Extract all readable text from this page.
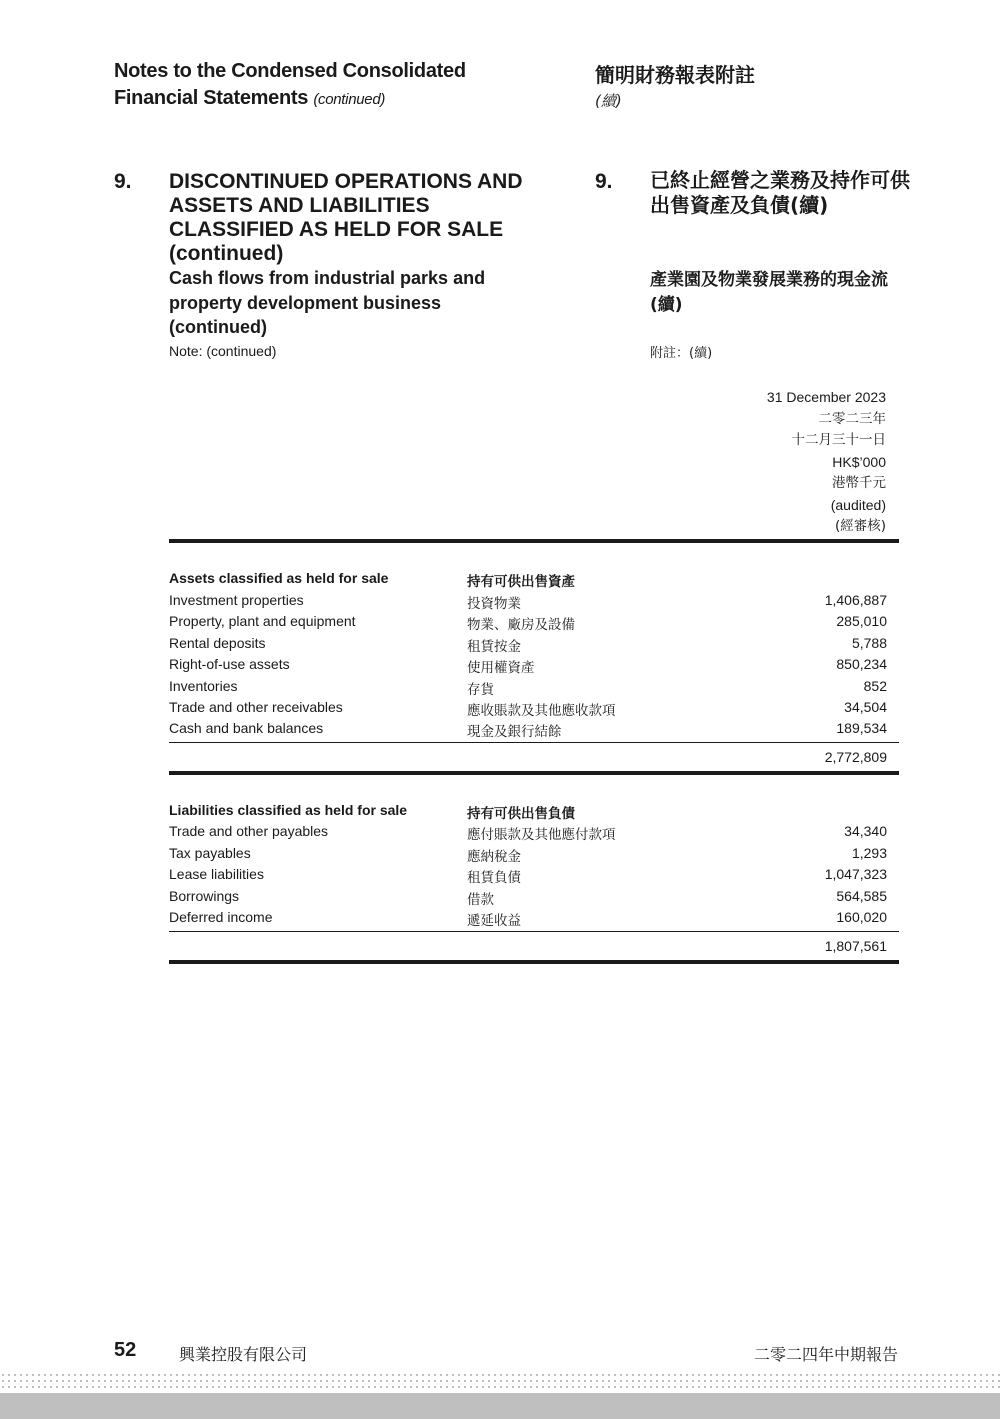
Notes to the Condensed Consolidated
Financial Statements (continued)
簡明財務報表附註
(續)
9. DISCONTINUED OPERATIONS AND ASSETS AND LIABILITIES CLASSIFIED AS HELD FOR SALE (continued)
Cash flows from industrial parks and property development business (continued)
Note: (continued)
9. 已終止經營之業務及持作可供出售資產及負債(續)
產業園及物業發展業務的現金流(續)
附註：(續)
31 December 2023
二零二三年
十二月三十一日
HK$’000
港幣千元
(audited)
(經審核)
Assets classified as held for sale	持有可供出售資產
Investment properties	投資物業	1,406,887
Property, plant and equipment	物業、廠房及設備	285,010
Rental deposits	租賃按金	5,788
Right-of-use assets	使用權資產	850,234
Inventories	存貨	852
Trade and other receivables	應收賬款及其他應收款項	34,504
Cash and bank balances	現金及銀行結餘	189,534
2,772,809
Liabilities classified as held for sale	持有可供出售負債
Trade and other payables	應付賬款及其他應付款項	34,340
Tax payables	應納稅金	1,293
Lease liabilities	租賃負債	1,047,323
Borrowings	借款	564,585
Deferred income	遞延收益	160,020
1,807,561
52	興業控股有限公司	二零二四年中期報告
